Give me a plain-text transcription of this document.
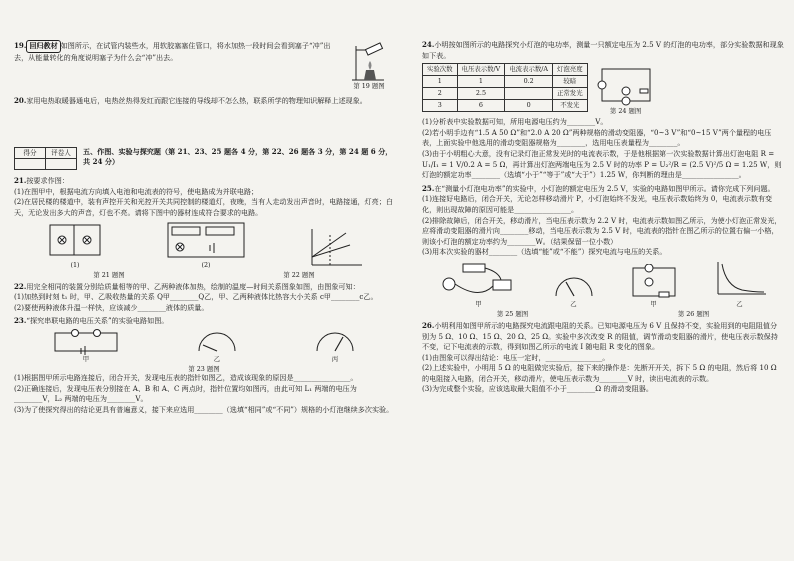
19. 回归教材 如图所示，在试管内装些水，用软胶塞塞住管口，将水加热一段时间会看到塞子“冲”出去，从能量转化的角度说明塞子为什么会“冲”出去。

第 19 题图

20.家用电热取暖器通电后，电热丝热得发红而跟它连接的导线却不怎么热，联系所学的物理知识解释上述现象。

得分	评卷人
	五、作图、实验与探究题（第 21、23、25 题各 4 分，第 22、26 题各 3 分，第 24 题 6 分，共 24 分）

21.按要求作图：

(1)在图甲中，根据电流方向填入电池和电流表的符号，使电路成为并联电路；

(2)在居民楼的楼道中，装有声控开关和光控开关共同控制的楼道灯，夜晚，当有人走动发出声音时，电路接通，灯亮；白天，无论发出多大的声音，灯也不亮。请将下图中的器材连成符合要求的电路。

(1)	(2)
第 21 题图	第 22 题图

22.用完全相同的装置分别给质量相等的甲、乙两种液体加热，绘制的温度—时间关系图象如图，由图象可知：

(1)加热到时刻 t₁ 时，甲、乙吸收热量的关系 Q甲________Q乙，甲、乙两种液体比热容大小关系 c甲________c乙。

(2)要使两种液体升温一样快，应该减少________液体的质量。

23.“探究串联电路的电压关系”的实验电路如图。

甲	乙	丙
第 23 题图

(1)根据图甲所示电路连接后，闭合开关，发现电压表的指针如图乙，造成该现象的原因是________________。

(2)正确连接后，发现电压表分别接在 A、B 和 A、C 两点时，指针位置均如图丙，由此可知 L₁ 两端的电压为________V，L₂ 两端的电压为________V。

(3)为了使探究得出的结论更具有普遍意义，接下来应选用________（选填“相同”或“不同”）规格的小灯泡继续多次实验。

24.小明按如图所示的电路探究小灯泡的电功率，测量一只额定电压为 2.5 V 的灯泡的电功率，部分实验数据和现象如下表。

实验次数	电压表示数/V	电流表示数/A	灯泡亮度
1	1	0.2	较暗
2	2.5		正常发光
3	6	0	不发光
第 24 题图

(1)分析表中实验数据可知，所用电源电压约为________V。

(2)若小明手边有“1.5 A 50 Ω”和“2.0 A 20 Ω”两种规格的滑动变阻器，“0~3 V”和“0~15 V”两个量程的电压表，上面实验中他选用的滑动变阻器规格为________，选用电压表量程为________。

(3)由于小明粗心大意，没有记录灯泡正常发光时的电流表示数，于是他根据第一次实验数据计算出灯泡电阻 R = U₁/I₁ = 1 V/0.2 A = 5 Ω，再计算出灯泡两端电压为 2.5 V 时的功率 P = U₂²/R = (2.5 V)²/5 Ω = 1.25 W，则灯泡的额定功率________（选填“小于”“等于”或“大于”）1.25 W，你判断的理由是________________。

25.在“测量小灯泡电功率”的实验中，小灯泡的额定电压为 2.5 V，实验的电路如图甲所示。请你完成下列问题。

(1)连接好电路后，闭合开关，无论怎样移动滑片 P，小灯泡始终不发光，电压表示数始终为 0，电流表示数有变化，则出现故障的原因可能是________________。

(2)排除故障后，闭合开关，移动滑片，当电压表示数为 2.2 V 时，电流表示数如图乙所示，为使小灯泡正常发光，应将滑动变阻器的滑片向________移动，当电压表示数为 2.5 V 时，电流表的指针在图乙所示的位置右偏一小格，则该小灯泡的额定功率约为________W。（结果保留一位小数）

(3)用本次实验的器材________（选填“能”或“不能”）探究电流与电压的关系。

甲	乙	甲	乙
第 25 题图	第 26 题图

26.小明利用如图甲所示的电路探究电流跟电阻的关系。已知电源电压为 6 V 且保持不变，实验用到的电阻阻值分别为 5 Ω、10 Ω、15 Ω、20 Ω、25 Ω。实验中多次改变 R 的阻值，调节滑动变阻器的滑片，使电压表示数保持不变，记下电流表的示数，得到如图乙所示的电流 I 随电阻 R 变化的图象。

(1)由图象可以得出结论：电压一定时，________________。

(2)上述实验中，小明用 5 Ω 的电阻做完实验后，接下来的操作是：先断开开关，拆下 5 Ω 的电阻，然后将 10 Ω 的电阻接入电路，闭合开关，移动滑片，使电压表示数为________V 时，读出电流表的示数。

(3)为完成整个实验，应该选取最大阻值不小于________Ω 的滑动变阻器。
